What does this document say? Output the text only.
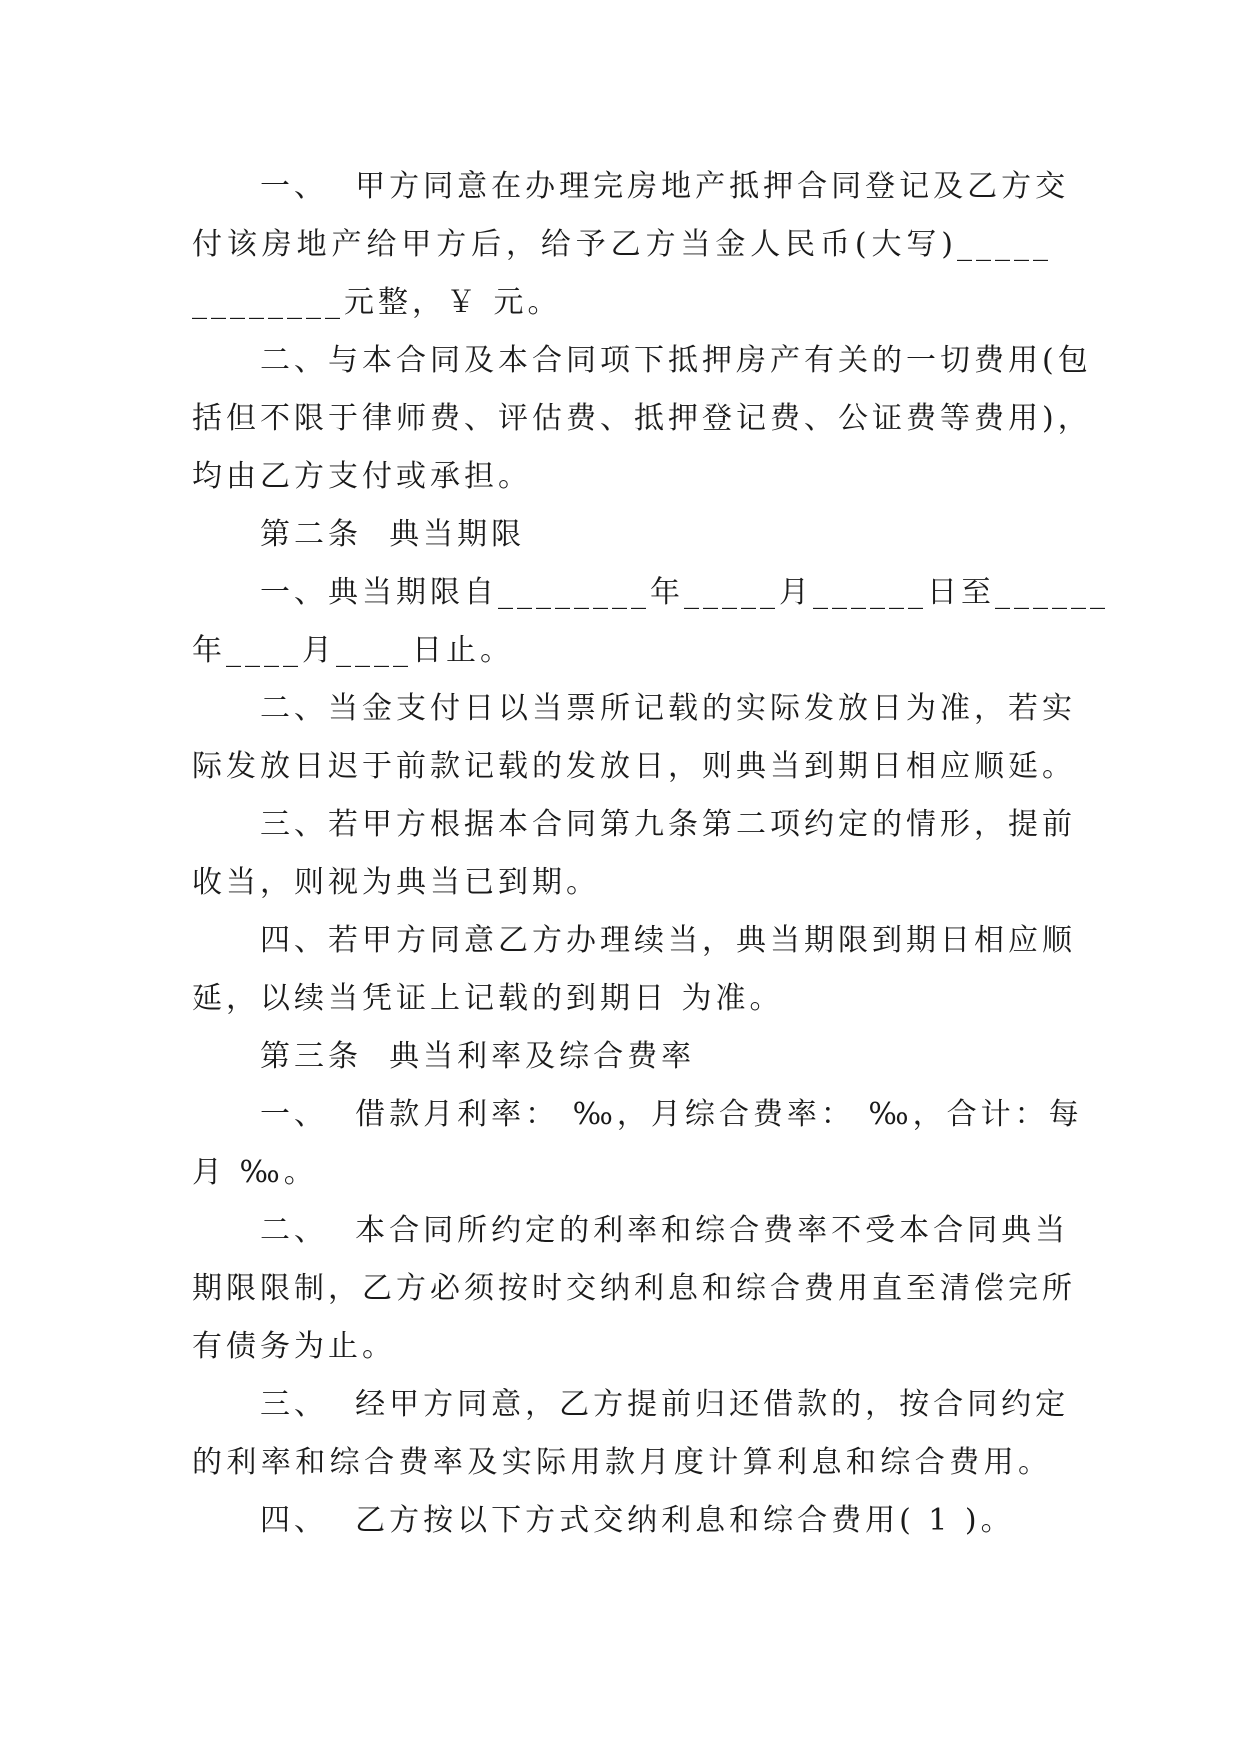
一、  甲方同意在办理完房地产抵押合同登记及乙方交
付该房地产给甲方后，给予乙方当金人民币(大写)_____
________元整，￥ 元。
二、与本合同及本合同项下抵押房产有关的一切费用(包
括但不限于律师费、评估费、抵押登记费、公证费等费用)，
均由乙方支付或承担。
第二条  典当期限
一、典当期限自________年_____月______日至______
年____月____日止。
二、当金支付日以当票所记载的实际发放日为准，若实
际发放日迟于前款记载的发放日，则典当到期日相应顺延。
三、若甲方根据本合同第九条第二项约定的情形，提前
收当，则视为典当已到期。
四、若甲方同意乙方办理续当，典当期限到期日相应顺
延，以续当凭证上记载的到期日 为准。
第三条  典当利率及综合费率
一、  借款月利率： ‰，月综合费率： ‰，合计：每
月 ‰。
二、  本合同所约定的利率和综合费率不受本合同典当
期限限制，乙方必须按时交纳利息和综合费用直至清偿完所
有债务为止。
三、  经甲方同意，乙方提前归还借款的，按合同约定
的利率和综合费率及实际用款月度计算利息和综合费用。
四、  乙方按以下方式交纳利息和综合费用( 1 )。
